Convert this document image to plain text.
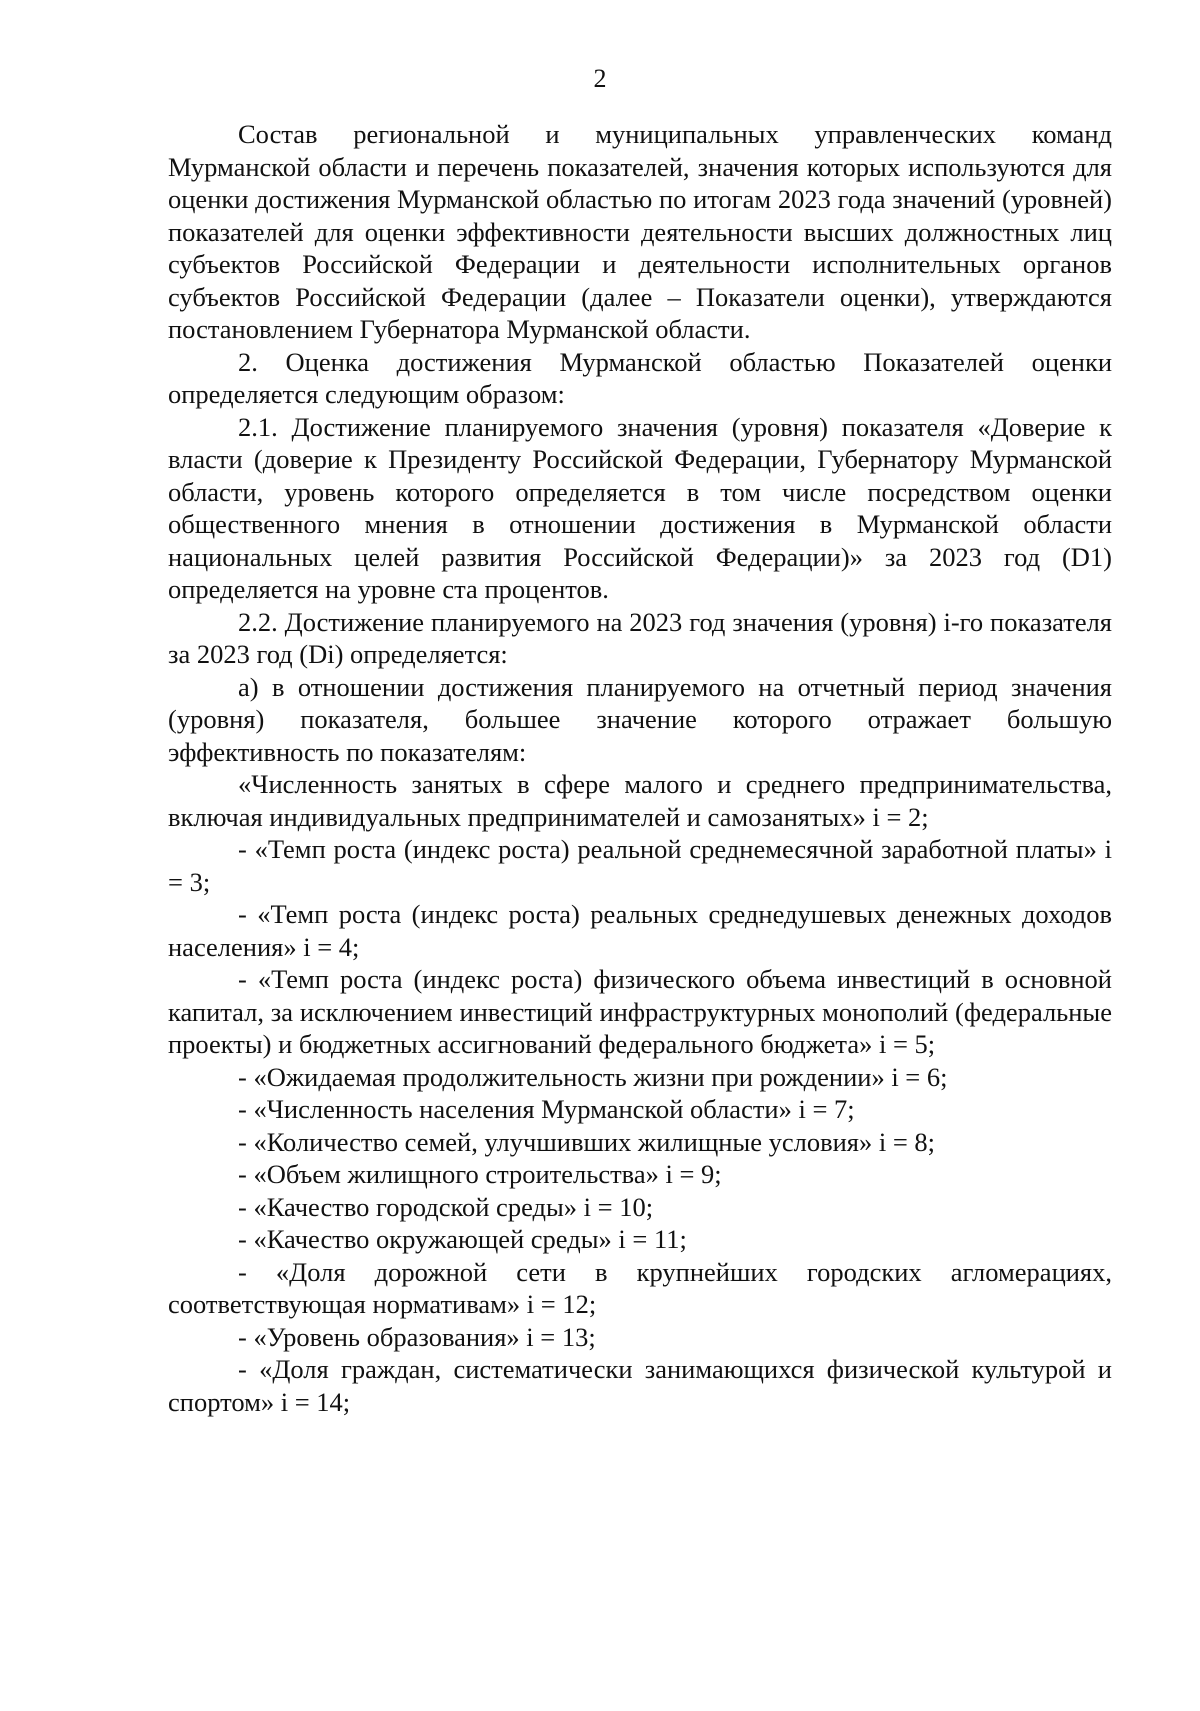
2

Состав региональной и муниципальных управленческих команд Мурманской области и перечень показателей, значения которых используются для оценки достижения Мурманской областью по итогам 2023 года значений (уровней) показателей для оценки эффективности деятельности высших должностных лиц субъектов Российской Федерации и деятельности исполнительных органов субъектов Российской Федерации (далее – Показатели оценки), утверждаются постановлением Губернатора Мурманской области.

2. Оценка достижения Мурманской областью Показателей оценки определяется следующим образом:

2.1. Достижение планируемого значения (уровня) показателя «Доверие к власти (доверие к Президенту Российской Федерации, Губернатору Мурманской области, уровень которого определяется в том числе посредством оценки общественного мнения в отношении достижения в Мурманской области национальных целей развития Российской Федерации)» за 2023 год (D1) определяется на уровне ста процентов.

2.2. Достижение планируемого на 2023 год значения (уровня) i-го показателя за 2023 год (Di) определяется:

а) в отношении достижения планируемого на отчетный период значения (уровня) показателя, большее значение которого отражает большую эффективность по показателям:

«Численность занятых в сфере малого и среднего предпринимательства, включая индивидуальных предпринимателей и самозанятых» i = 2;

- «Темп роста (индекс роста) реальной среднемесячной заработной платы» i = 3;

- «Темп роста (индекс роста) реальных среднедушевых денежных доходов населения» i = 4;

- «Темп роста (индекс роста) физического объема инвестиций в основной капитал, за исключением инвестиций инфраструктурных монополий (федеральные проекты) и бюджетных ассигнований федерального бюджета» i = 5;

- «Ожидаемая продолжительность жизни при рождении» i = 6;

- «Численность населения Мурманской области» i = 7;

- «Количество семей, улучшивших жилищные условия» i = 8;

- «Объем жилищного строительства» i = 9;

- «Качество городской среды» i = 10;

- «Качество окружающей среды» i = 11;

- «Доля дорожной сети в крупнейших городских агломерациях, соответствующая нормативам» i = 12;

- «Уровень образования» i = 13;

- «Доля граждан, систематически занимающихся физической культурой и спортом» i = 14;
